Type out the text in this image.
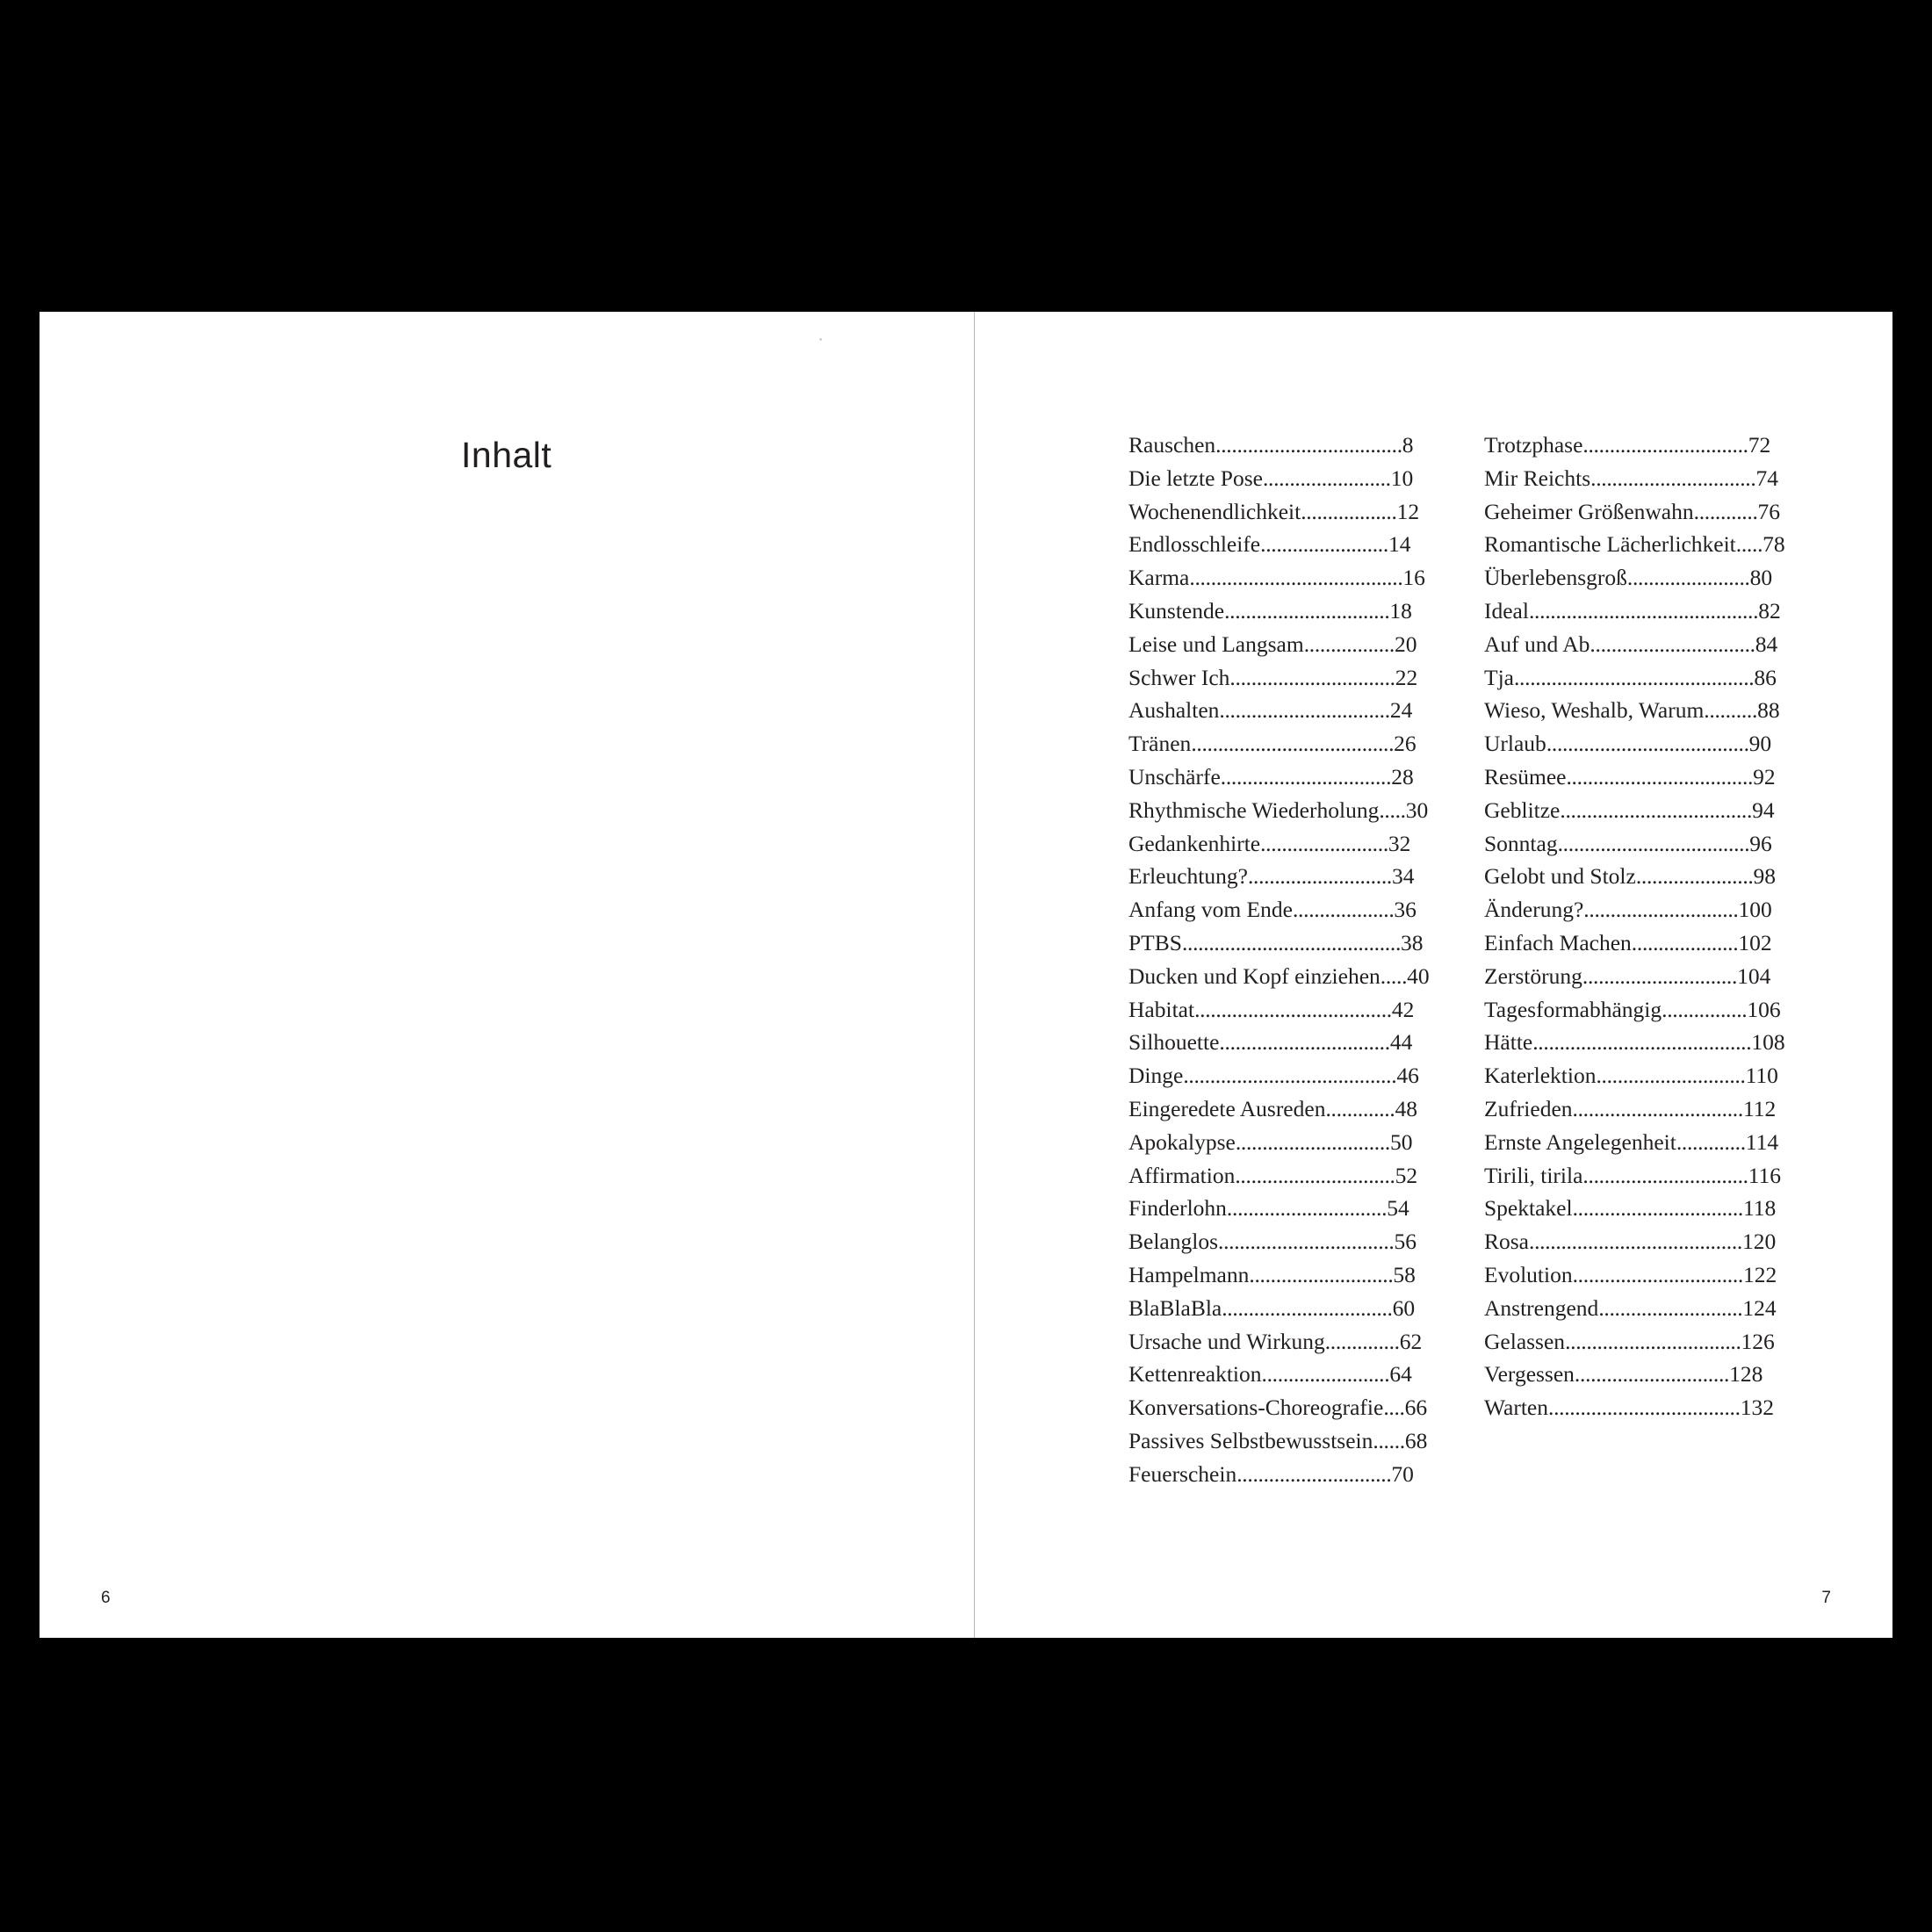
Inhalt
6
Rauschen ................................... 8
Die letzte Pose ........................ 10
Wochenendlichkeit .................. 12
Endlosschleife ........................ 14
Karma ........................................ 16
Kunstende ............................... 18
Leise und Langsam ................. 20
Schwer Ich ............................... 22
Aushalten ................................ 24
Tränen ...................................... 26
Unschärfe ................................ 28
Rhythmische Wiederholung ..... 30
Gedankenhirte ........................ 32
Erleuchtung? ........................... 34
Anfang vom Ende ................... 36
PTBS ......................................... 38
Ducken und Kopf einziehen ..... 40
Habitat ..................................... 42
Silhouette ................................ 44
Dinge ........................................ 46
Eingeredete Ausreden ............. 48
Apokalypse ............................. 50
Affirmation .............................. 52
Finderlohn .............................. 54
Belanglos ................................. 56
Hampelmann ........................... 58
BlaBlaBla ................................ 60
Ursache und Wirkung .............. 62
Kettenreaktion ........................ 64
Konversations-Choreografie .... 66
Passives Selbstbewusstsein ...... 68
Feuerschein ............................. 70
Trotzphase ............................... 72
Mir Reichts ............................... 74
Geheimer Größenwahn ............ 76
Romantische Lächerlichkeit ..... 78
Überlebensgroß ....................... 80
Ideal ........................................... 82
Auf und Ab ............................... 84
Tja ............................................. 86
Wieso, Weshalb, Warum .......... 88
Urlaub ...................................... 90
Resümee ................................... 92
Geblitze .................................... 94
Sonntag .................................... 96
Gelobt und Stolz ...................... 98
Änderung? ............................. 100
Einfach Machen .................... 102
Zerstörung ............................. 104
Tagesformabhängig ................ 106
Hätte ......................................... 108
Katerlektion ............................ 110
Zufrieden ................................ 112
Ernste Angelegenheit ............. 114
Tirili, tirila ............................... 116
Spektakel ................................ 118
Rosa ........................................ 120
Evolution ................................ 122
Anstrengend ........................... 124
Gelassen ................................. 126
Vergessen ............................. 128
Warten .................................... 132
7
